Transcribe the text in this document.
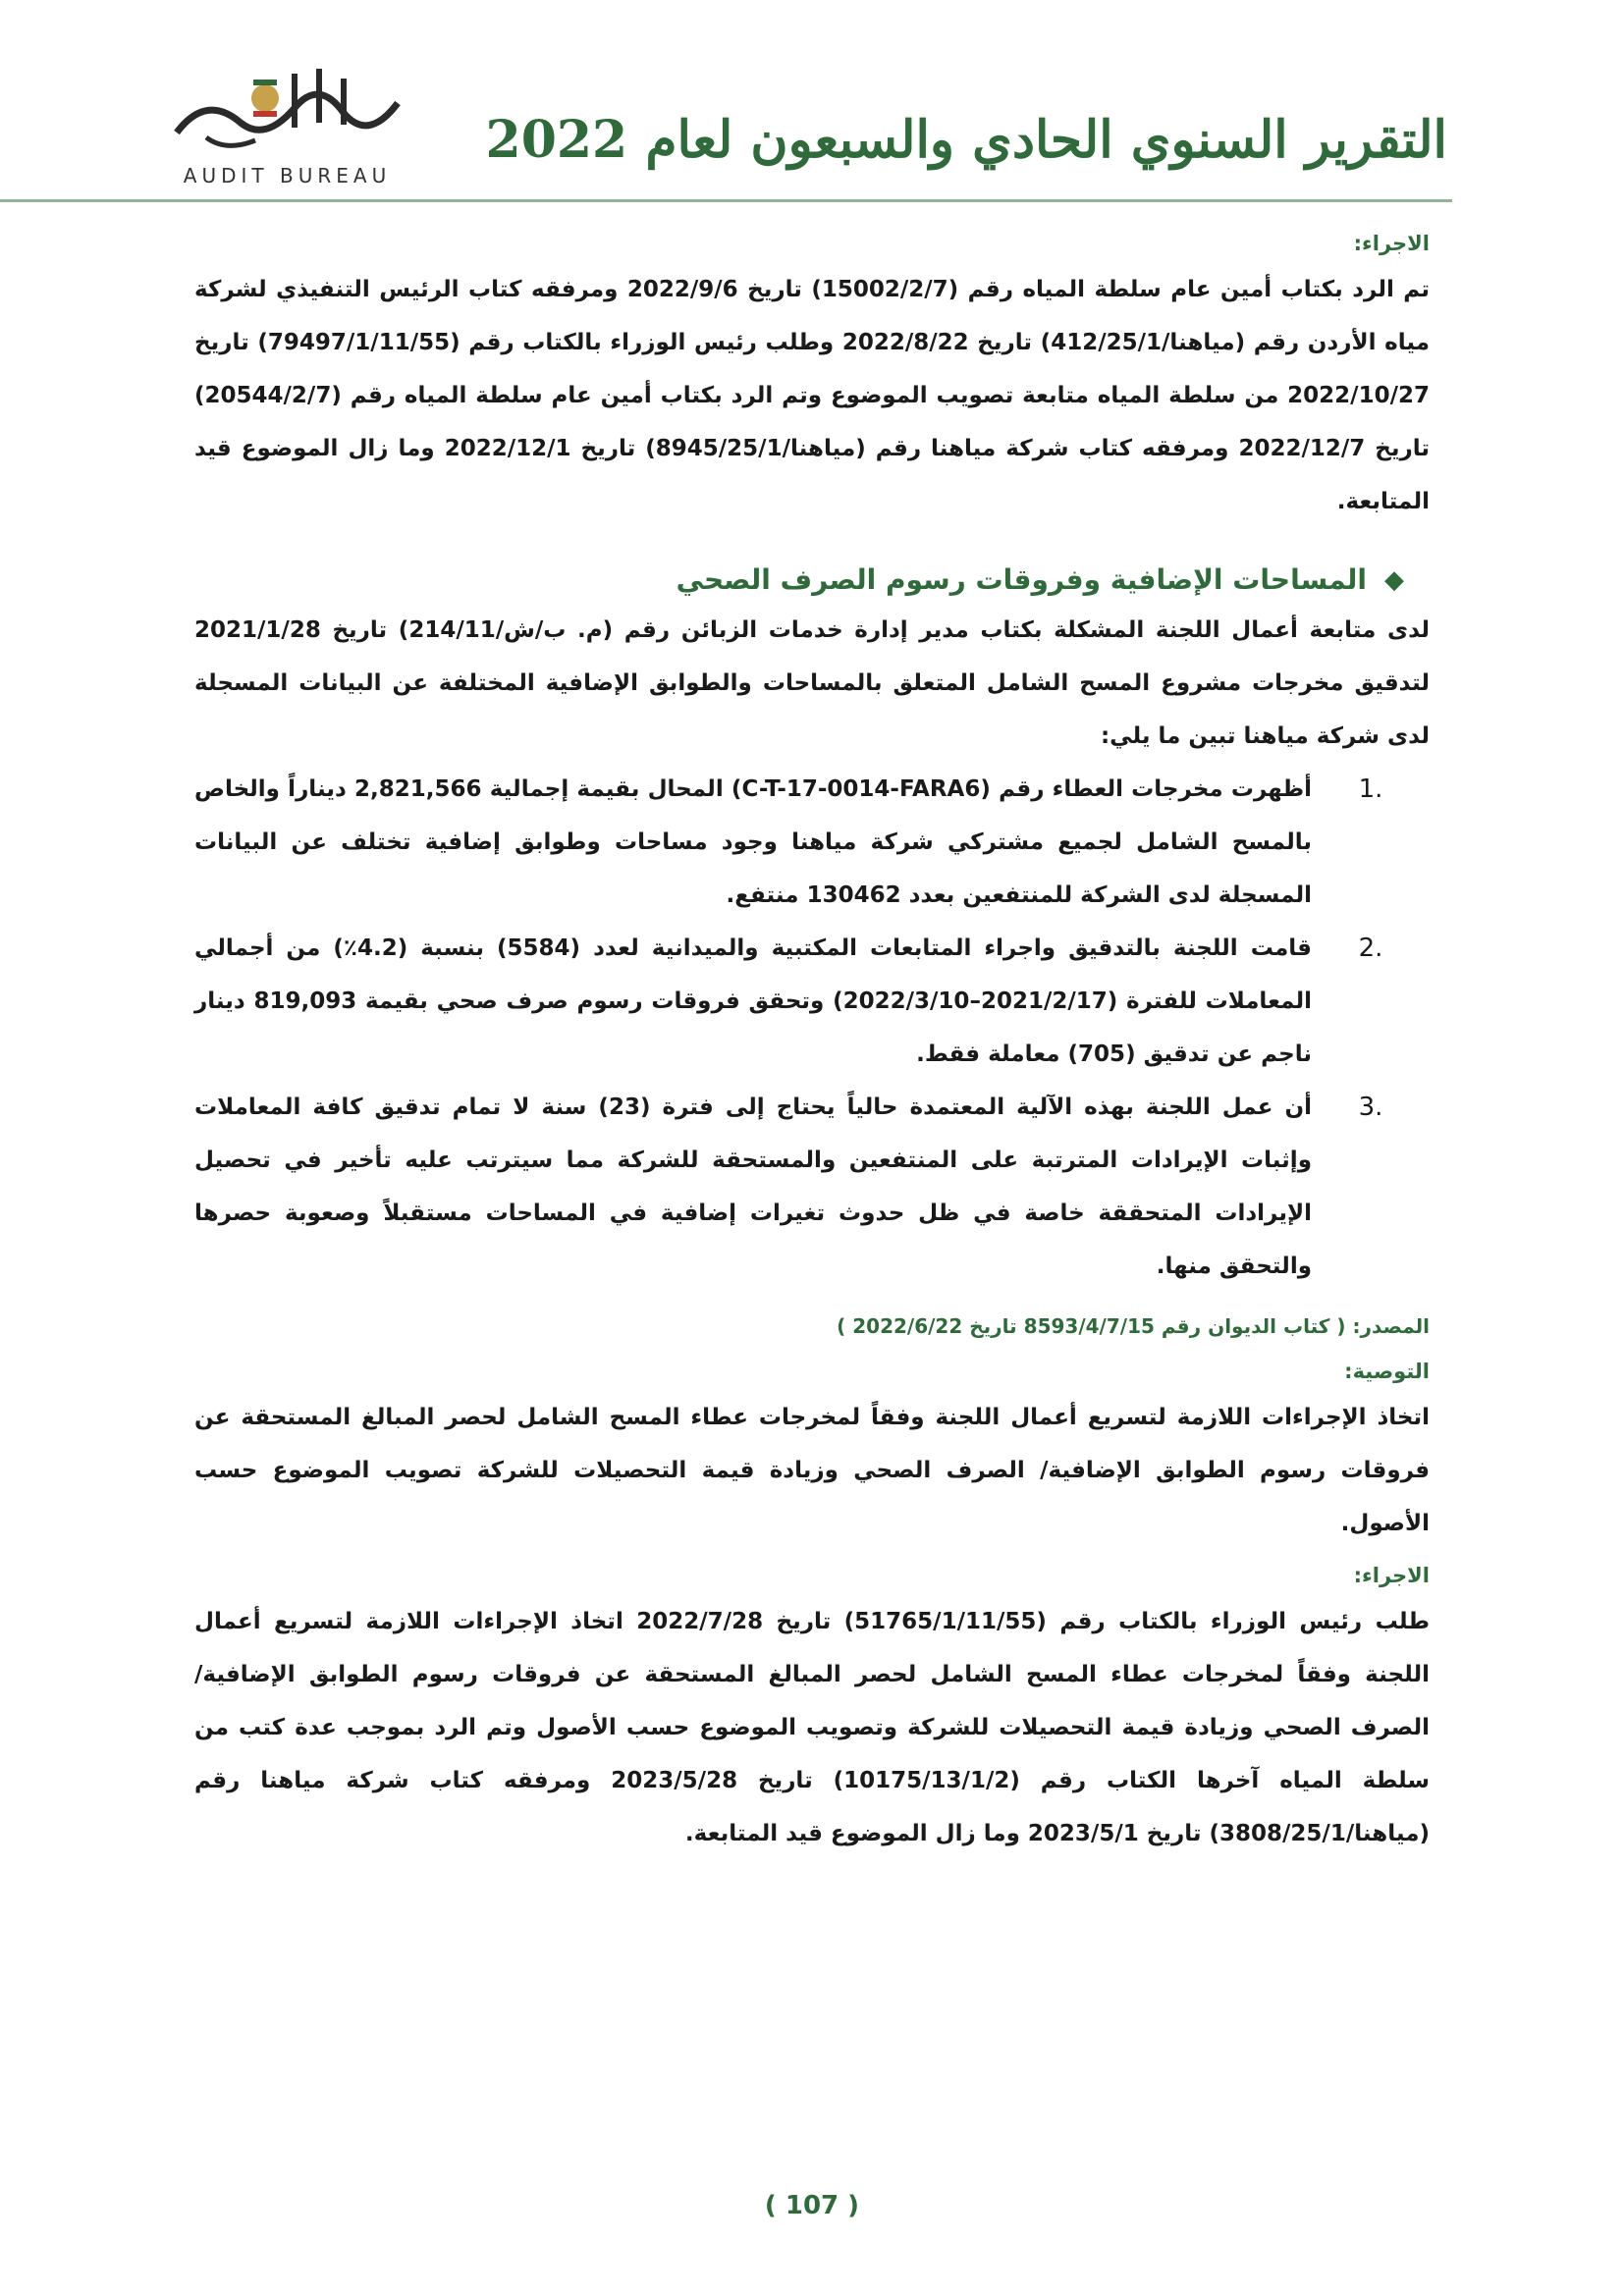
التقرير السنوي الحادي والسبعون لعام 2022
AUDIT BUREAU
الاجراء:

تم الرد بكتاب أمين عام سلطة المياه رقم (15002/2/7) تاريخ 2022/9/6 ومرفقه كتاب الرئيس التنفيذي لشركة مياه الأردن رقم (مياهنا/412/25/1) تاريخ 2022/8/22 وطلب رئيس الوزراء بالكتاب رقم (79497/1/11/55) تاريخ 2022/10/27 من سلطة المياه متابعة تصويب الموضوع وتم الرد بكتاب أمين عام سلطة المياه رقم (20544/2/7) تاريخ 2022/12/7 ومرفقه كتاب شركة مياهنا رقم (مياهنا/8945/25/1) تاريخ 2022/12/1 وما زال الموضوع قيد المتابعة.

◆
المساحات الإضافية وفروقات رسوم الصرف الصحي

لدى متابعة أعمال اللجنة المشكلة بكتاب مدير إدارة خدمات الزبائن رقم (م. ب/ش/214/11) تاريخ 2021/1/28 لتدقيق مخرجات مشروع المسح الشامل المتعلق بالمساحات والطوابق الإضافية المختلفة عن البيانات المسجلة لدى شركة مياهنا تبين ما يلي:

1.
أظهرت مخرجات العطاء رقم (C-T-17-0014-FARA6) المحال بقيمة إجمالية 2,821,566 ديناراً والخاص بالمسح الشامل لجميع مشتركي شركة مياهنا وجود مساحات وطوابق إضافية تختلف عن البيانات المسجلة لدى الشركة للمنتفعين بعدد 130462 منتفع.
2.
قامت اللجنة بالتدقيق واجراء المتابعات المكتبية والميدانية لعدد (5584) بنسبة (4.2٪) من أجمالي المعاملات للفترة (2021/2/17–2022/3/10) وتحقق فروقات رسوم صرف صحي بقيمة 819,093 دينار ناجم عن تدقيق (705) معاملة فقط.
3.
أن عمل اللجنة بهذه الآلية المعتمدة حالياً يحتاج إلى فترة (23) سنة لا تمام تدقيق كافة المعاملات وإثبات الإيرادات المترتبة على المنتفعين والمستحقة للشركة مما سيترتب عليه تأخير في تحصيل الإيرادات المتحققة خاصة في ظل حدوث تغيرات إضافية في المساحات مستقبلاً وصعوبة حصرها والتحقق منها.
المصدر: ( كتاب الديوان رقم 8593/4/7/15 تاريخ 2022/6/22 )
التوصية:

اتخاذ الإجراءات اللازمة لتسريع أعمال اللجنة وفقاً لمخرجات عطاء المسح الشامل لحصر المبالغ المستحقة عن فروقات رسوم الطوابق الإضافية/ الصرف الصحي وزيادة قيمة التحصيلات للشركة تصويب الموضوع حسب الأصول.

الاجراء:

طلب رئيس الوزراء بالكتاب رقم (51765/1/11/55) تاريخ 2022/7/28 اتخاذ الإجراءات اللازمة لتسريع أعمال اللجنة وفقاً لمخرجات عطاء المسح الشامل لحصر المبالغ المستحقة عن فروقات رسوم الطوابق الإضافية/ الصرف الصحي وزيادة قيمة التحصيلات للشركة وتصويب الموضوع حسب الأصول وتم الرد بموجب عدة كتب من سلطة المياه آخرها الكتاب رقم (10175/13/1/2) تاريخ 2023/5/28 ومرفقه كتاب شركة مياهنا رقم (مياهنا/3808/25/1) تاريخ 2023/5/1 وما زال الموضوع قيد المتابعة.

( 107 )
